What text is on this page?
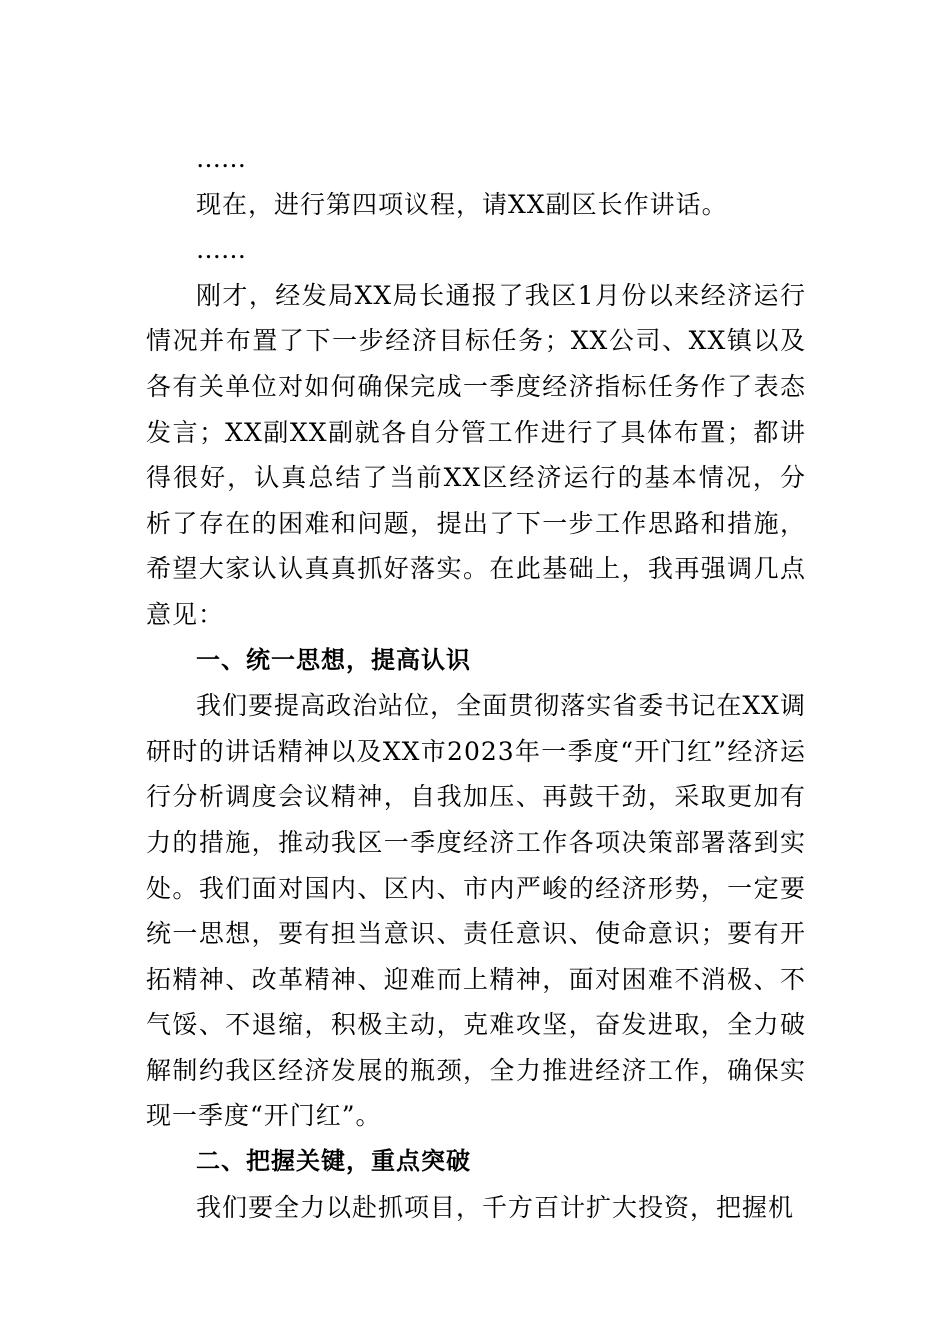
……

现在，进行第四项议程，请XX副区长作讲话。

……

刚才，经发局XX局长通报了我区1月份以来经济运行情况并布置了下一步经济目标任务；XX公司、XX镇以及各有关单位对如何确保完成一季度经济指标任务作了表态发言；XX副XX副就各自分管工作进行了具体布置；都讲得很好，认真总结了当前XX区经济运行的基本情况，分析了存在的困难和问题，提出了下一步工作思路和措施，希望大家认认真真抓好落实。在此基础上，我再强调几点意见：

一、统一思想，提高认识

我们要提高政治站位，全面贯彻落实省委书记在XX调研时的讲话精神以及XX市2023年一季度“开门红”经济运行分析调度会议精神，自我加压、再鼓干劲，采取更加有力的措施，推动我区一季度经济工作各项决策部署落到实处。我们面对国内、区内、市内严峻的经济形势，一定要统一思想，要有担当意识、责任意识、使命意识；要有开拓精神、改革精神、迎难而上精神，面对困难不消极、不气馁、不退缩，积极主动，克难攻坚，奋发进取，全力破解制约我区经济发展的瓶颈，全力推进经济工作，确保实现一季度“开门红”。

二、把握关键，重点突破

我们要全力以赴抓项目，千方百计扩大投资，把握机
